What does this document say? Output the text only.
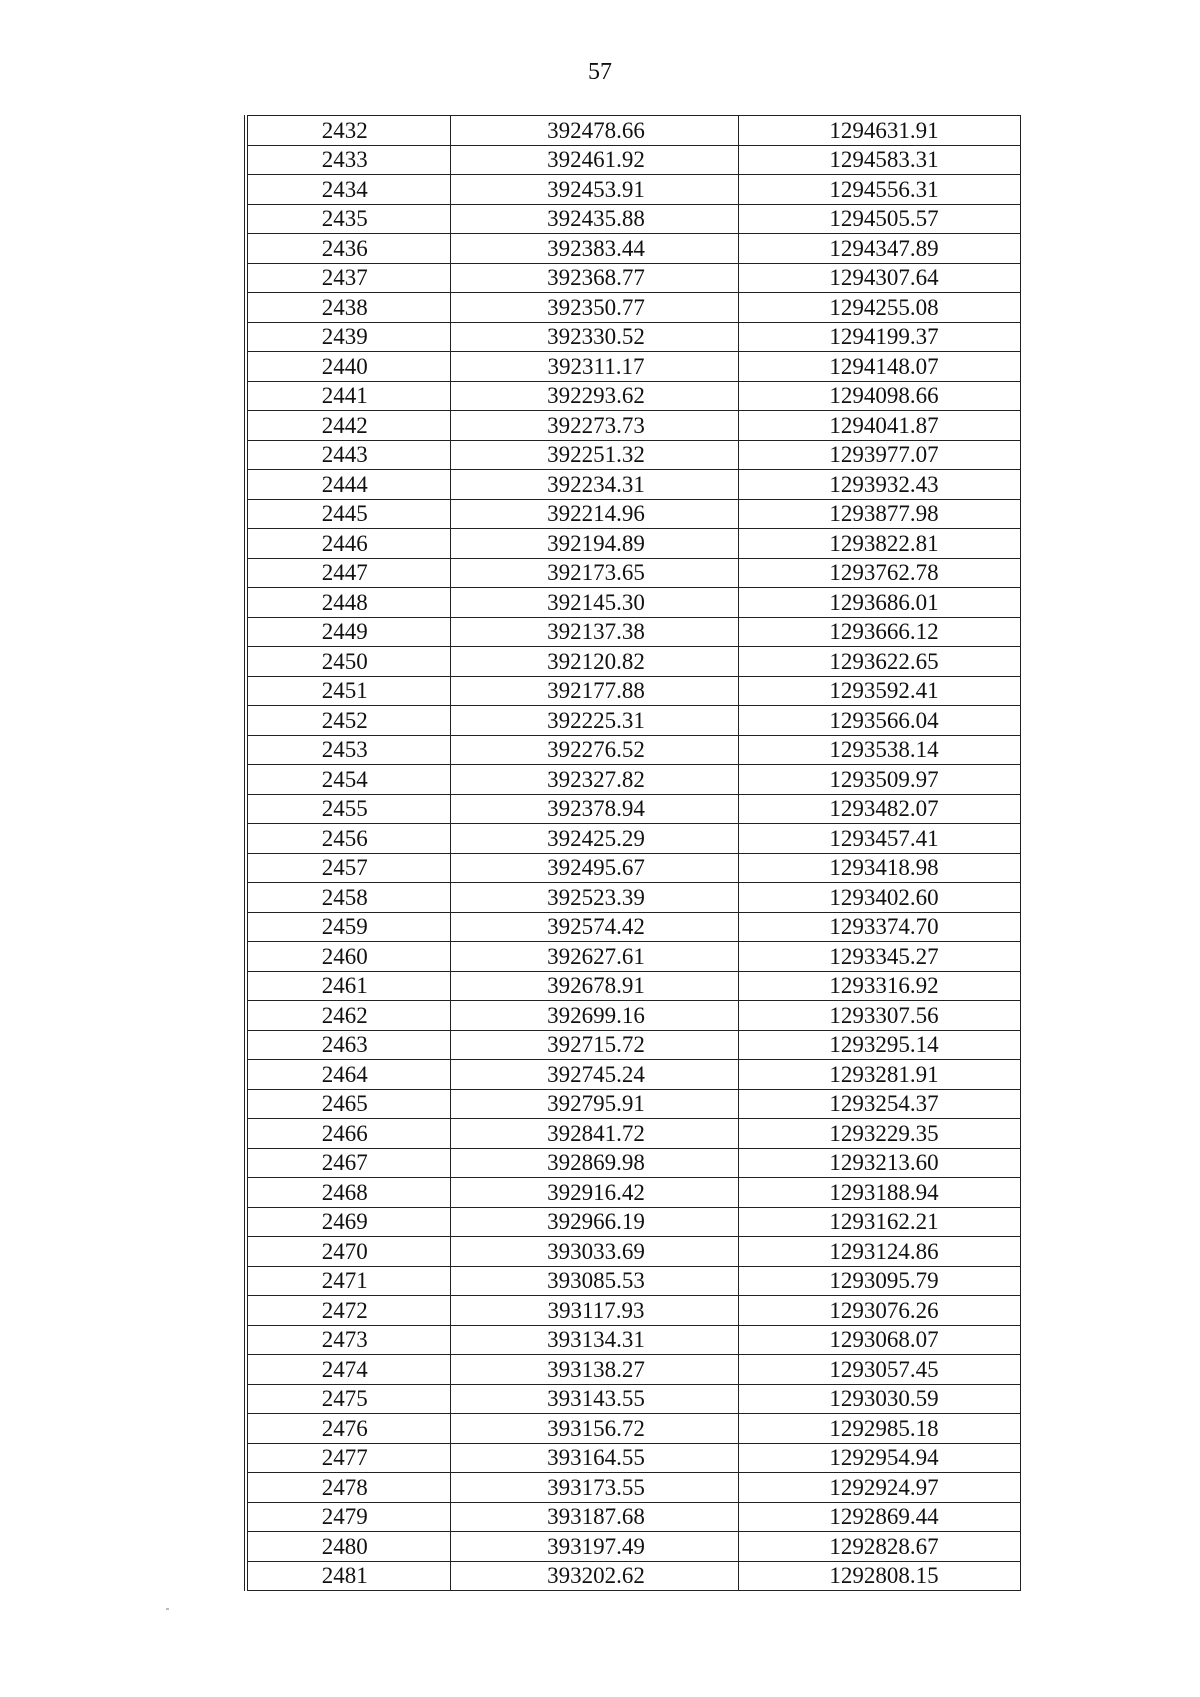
57
2432	392478.66	1294631.91
2433	392461.92	1294583.31
2434	392453.91	1294556.31
2435	392435.88	1294505.57
2436	392383.44	1294347.89
2437	392368.77	1294307.64
2438	392350.77	1294255.08
2439	392330.52	1294199.37
2440	392311.17	1294148.07
2441	392293.62	1294098.66
2442	392273.73	1294041.87
2443	392251.32	1293977.07
2444	392234.31	1293932.43
2445	392214.96	1293877.98
2446	392194.89	1293822.81
2447	392173.65	1293762.78
2448	392145.30	1293686.01
2449	392137.38	1293666.12
2450	392120.82	1293622.65
2451	392177.88	1293592.41
2452	392225.31	1293566.04
2453	392276.52	1293538.14
2454	392327.82	1293509.97
2455	392378.94	1293482.07
2456	392425.29	1293457.41
2457	392495.67	1293418.98
2458	392523.39	1293402.60
2459	392574.42	1293374.70
2460	392627.61	1293345.27
2461	392678.91	1293316.92
2462	392699.16	1293307.56
2463	392715.72	1293295.14
2464	392745.24	1293281.91
2465	392795.91	1293254.37
2466	392841.72	1293229.35
2467	392869.98	1293213.60
2468	392916.42	1293188.94
2469	392966.19	1293162.21
2470	393033.69	1293124.86
2471	393085.53	1293095.79
2472	393117.93	1293076.26
2473	393134.31	1293068.07
2474	393138.27	1293057.45
2475	393143.55	1293030.59
2476	393156.72	1292985.18
2477	393164.55	1292954.94
2478	393173.55	1292924.97
2479	393187.68	1292869.44
2480	393197.49	1292828.67
2481	393202.62	1292808.15
